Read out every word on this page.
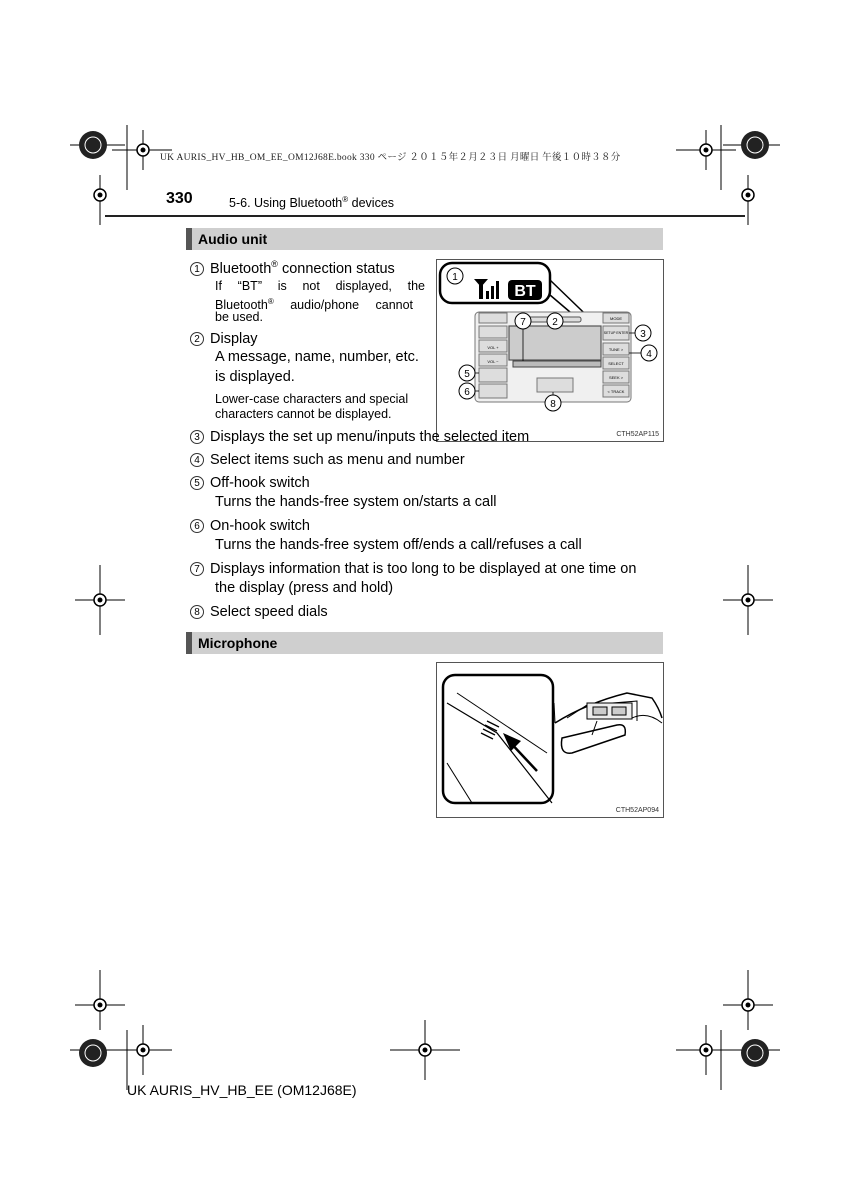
UK AURIS_HV_HB_OM_EE_OM12J68E.book 330 ページ ２０１５年２月２３日 月曜日 午後１０時３８分
330	5-6. Using Bluetooth® devices
Audio unit
1 Bluetooth® connection status
If “BT” is not displayed, the
Bluetooth® audio/phone cannot
be used.
2 Display
A message, name, number, etc.
is displayed.
Lower-case characters and special
characters cannot be displayed.
1
BT
VOL +
VOL −
MODE
SETUP ENTER
TUNE >
SELECT
SEEK >
< TRACK
7	2
3
4
5
6
8
CTH52AP115
3 Displays the set up menu/inputs the selected item
4 Select items such as menu and number
5 Off-hook switch
Turns the hands-free system on/starts a call
6 On-hook switch
Turns the hands-free system off/ends a call/refuses a call
7 Displays information that is too long to be displayed at one time on
the display (press and hold)
8 Select speed dials
Microphone
CTH52AP094
UK AURIS_HV_HB_EE (OM12J68E)
